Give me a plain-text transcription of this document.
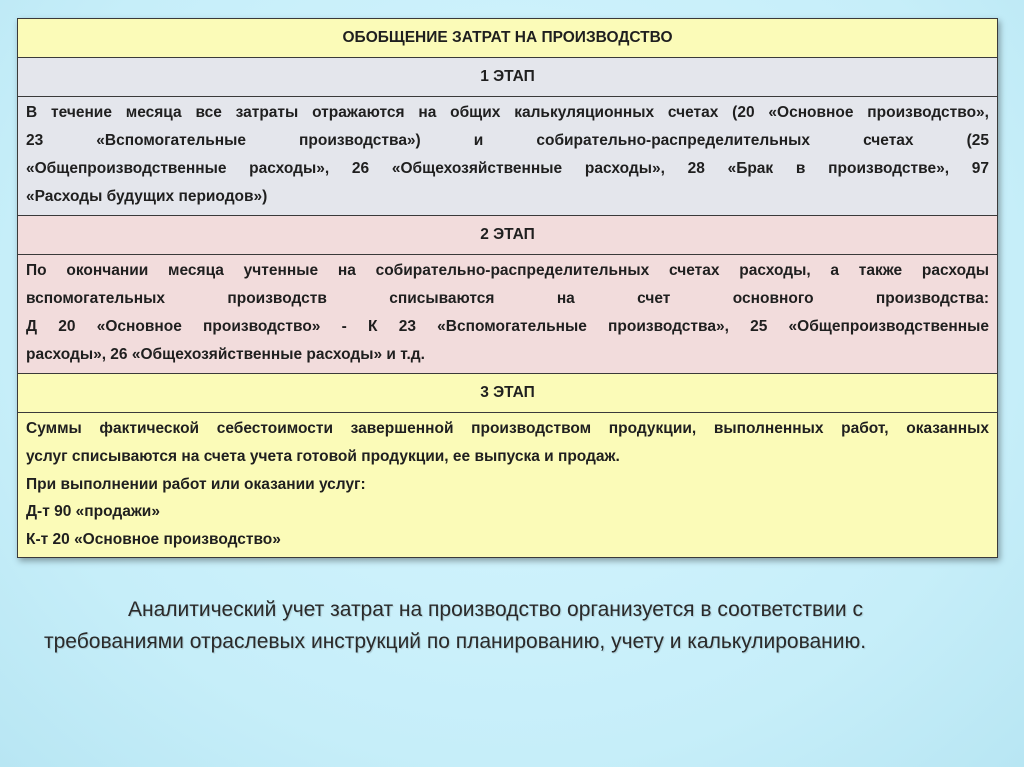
ОБОБЩЕНИЕ ЗАТРАТ НА ПРОИЗВОДСТВО
1 ЭТАП

В течение месяца все затраты отражаются на общих калькуляционных счетах (20 «Основное производство»,
23 «Вспомогательные производства») и собирательно-распределительных счетах (25
«Общепроизводственные расходы», 26 «Общехозяйственные расходы», 28 «Брак в производстве», 97
«Расходы будущих периодов»)

2 ЭТАП

По окончании месяца учтенные на собирательно-распределительных счетах расходы, а также расходы
вспомогательных производств списываются на счет основного производства:
Д 20 «Основное производство» - К 23 «Вспомогательные производства», 25 «Общепроизводственные
расходы», 26 «Общехозяйственные расходы» и т.д.

3 ЭТАП

Суммы фактической себестоимости завершенной производством продукции, выполненных работ, оказанных
услуг списываются на счета учета готовой продукции, ее выпуска и продаж.
При выполнении работ или оказании услуг:
Д-т 90 «продажи»
К-т 20 «Основное производство»
Аналитический учет затрат на производство организуется в соответствии с
требованиями отраслевых инструкций по планированию, учету и калькулированию.
